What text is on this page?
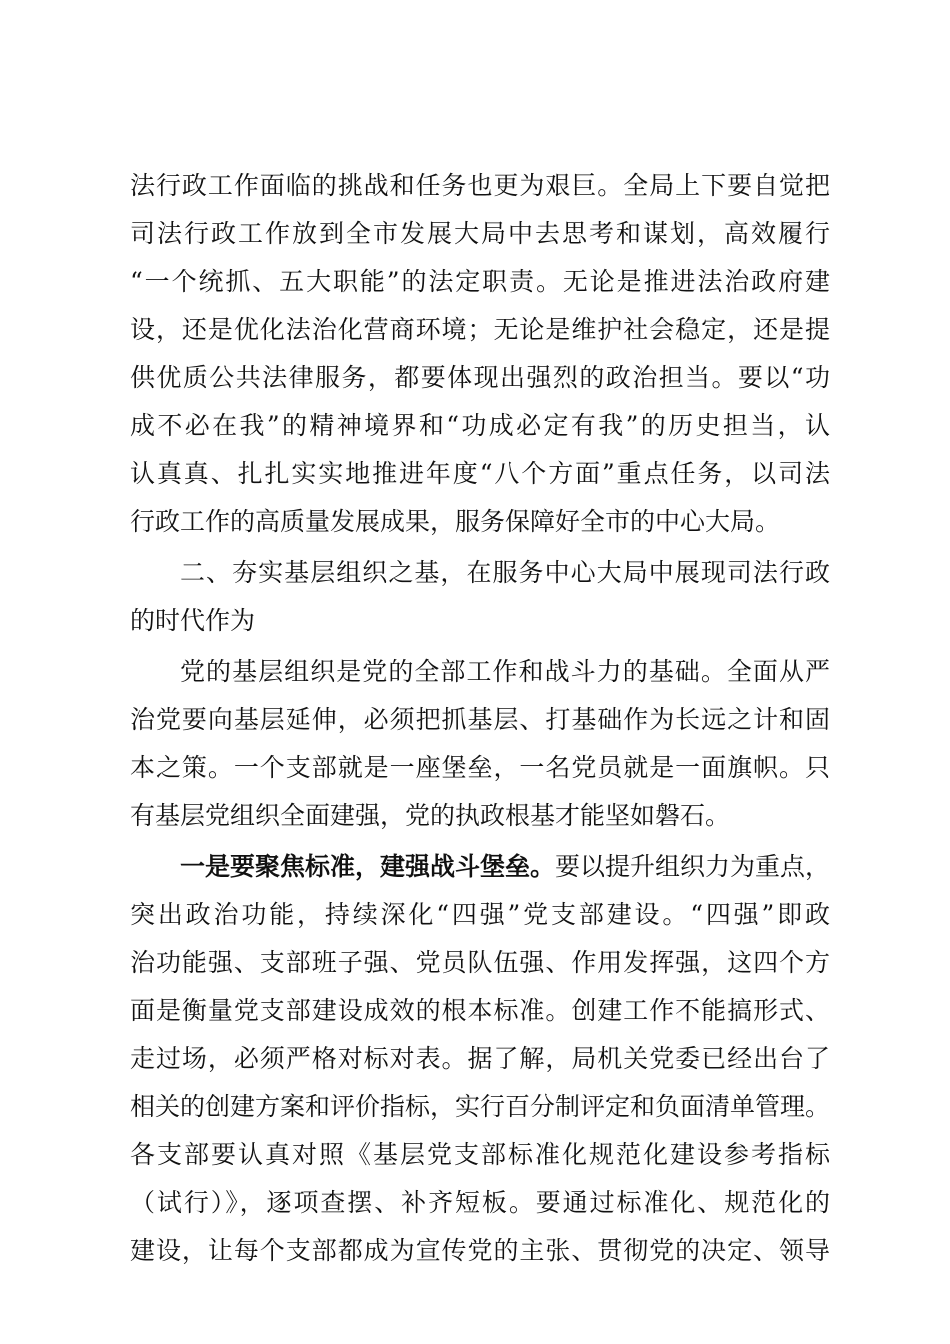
法行政工作面临的挑战和任务也更为艰巨。全局上下要自觉把
司法行政工作放到全市发展大局中去思考和谋划，高效履行
“一个统抓、五大职能”的法定职责。无论是推进法治政府建
设，还是优化法治化营商环境；无论是维护社会稳定，还是提
供优质公共法律服务，都要体现出强烈的政治担当。要以“功
成不必在我”的精神境界和“功成必定有我”的历史担当，认
认真真、扎扎实实地推进年度“八个方面”重点任务，以司法
行政工作的高质量发展成果，服务保障好全市的中心大局。
二、夯实基层组织之基，在服务中心大局中展现司法行政
的时代作为
党的基层组织是党的全部工作和战斗力的基础。全面从严
治党要向基层延伸，必须把抓基层、打基础作为长远之计和固
本之策。一个支部就是一座堡垒，一名党员就是一面旗帜。只
有基层党组织全面建强，党的执政根基才能坚如磐石。
一是要聚焦标准，建强战斗堡垒。要以提升组织力为重点，
突出政治功能，持续深化“四强”党支部建设。“四强”即政
治功能强、支部班子强、党员队伍强、作用发挥强，这四个方
面是衡量党支部建设成效的根本标准。创建工作不能搞形式、
走过场，必须严格对标对表。据了解，局机关党委已经出台了
相关的创建方案和评价指标，实行百分制评定和负面清单管理。
各支部要认真对照《基层党支部标准化规范化建设参考指标
（试行）》，逐项查摆、补齐短板。要通过标准化、规范化的
建设，让每个支部都成为宣传党的主张、贯彻党的决定、领导
